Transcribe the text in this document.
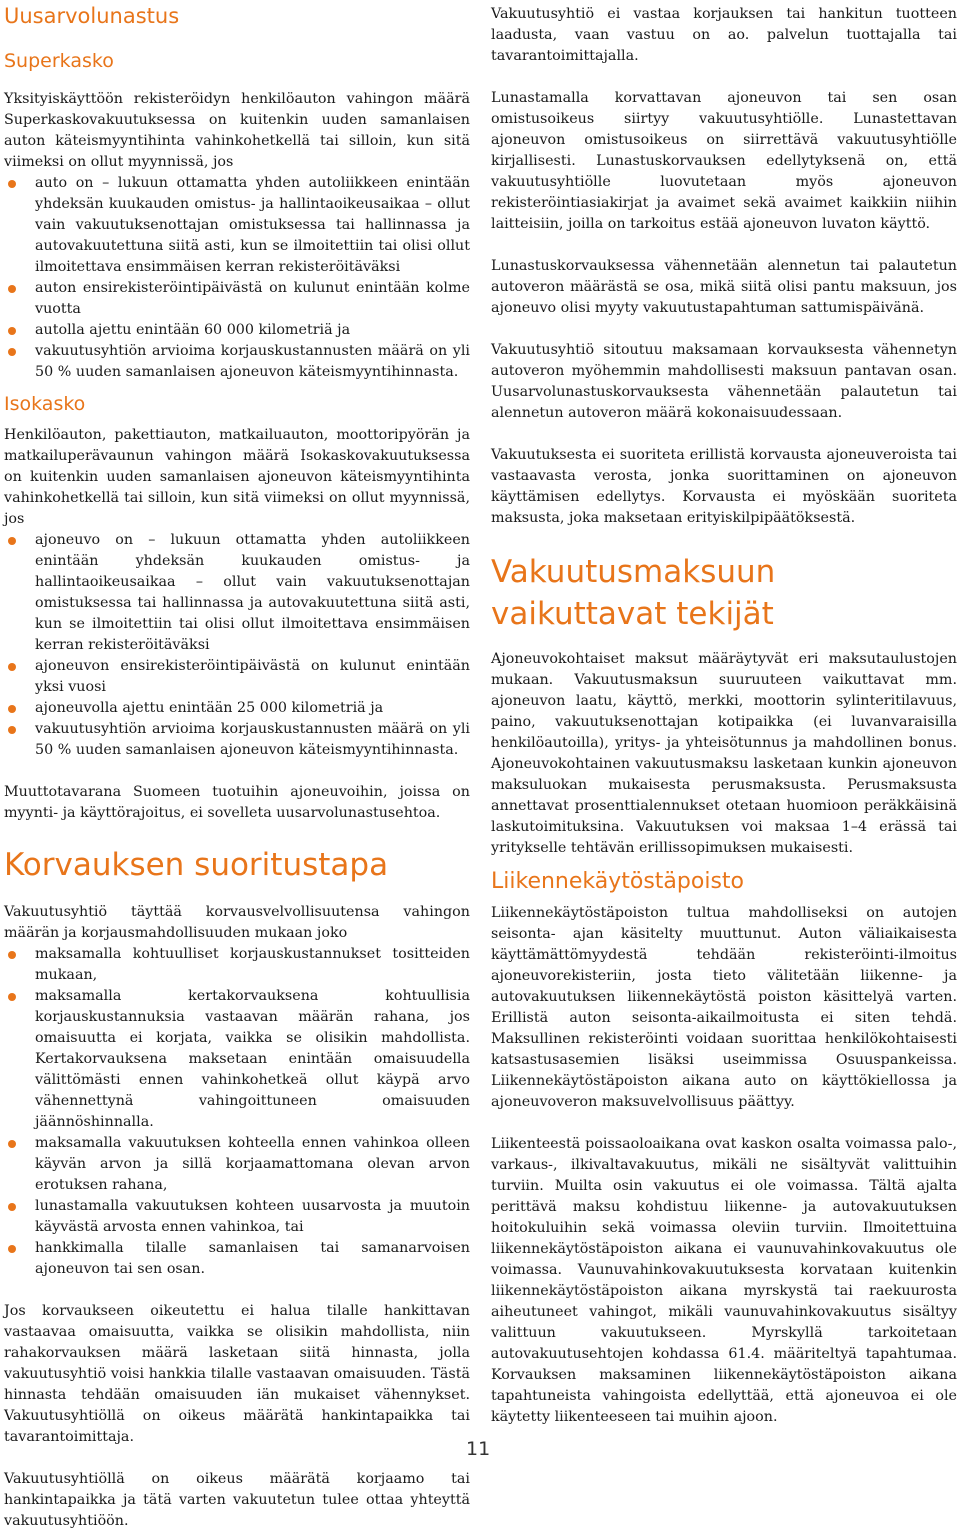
Uusarvolunastus
Superkasko

Yksityiskäyttöön rekisteröidyn henkilöauton vahingon määrä Superkaskovakuutuksessa on kuitenkin uuden samanlaisen auton käteismyyntihinta vahinkohetkellä tai silloin, kun sitä viimeksi on ollut myynnissä, jos

auto on – lukuun ottamatta yhden autoliikkeen enintään yhdeksän kuukauden omistus- ja hallintaoikeusaikaa – ollut vain vakuutuksenottajan omistuksessa tai hallinnassa ja autovakuutettuna siitä asti, kun se ilmoitettiin tai olisi ollut ilmoitettava ensimmäisen kerran rekisteröitäväksi
auton ensirekisteröintipäivästä on kulunut enintään kolme vuotta
autolla ajettu enintään 60 000 kilometriä ja
vakuutusyhtiön arvioima korjauskustannusten määrä on yli 50 % uuden samanlaisen ajoneuvon käteismyyntihinnasta.
Isokasko

Henkilöauton, pakettiauton, matkailuauton, moottoripyörän ja matkailuperävaunun vahingon määrä Isokaskovakuutuksessa on kuitenkin uuden samanlaisen ajoneuvon käteismyyntihinta vahinkohetkellä tai silloin, kun sitä viimeksi on ollut myynnissä, jos

ajoneuvo on – lukuun ottamatta yhden autoliikkeen enintään yhdeksän kuukauden omistus- ja hallintaoikeusaikaa – ollut vain vakuutuksenottajan omistuksessa tai hallinnassa ja autovakuutettuna siitä asti, kun se ilmoitettiin tai olisi ollut ilmoitettava ensimmäisen kerran rekisteröitäväksi
ajoneuvon ensirekisteröintipäivästä on kulunut enintään yksi vuosi
ajoneuvolla ajettu enintään 25 000 kilometriä ja
vakuutusyhtiön arvioima korjauskustannusten määrä on yli 50 % uuden samanlaisen ajoneuvon käteismyyntihinnasta.

Muuttotavarana Suomeen tuotuihin ajoneuvoihin, joissa on myynti- ja käyttörajoitus, ei sovelleta uusarvolunastusehtoa.

Korvauksen suoritustapa

Vakuutusyhtiö täyttää korvausvelvollisuutensa vahingon määrän ja korjausmahdollisuuden mukaan joko

maksamalla kohtuulliset korjauskustannukset tositteiden mukaan,
maksamalla kertakorvauksena kohtuullisia korjauskustannuksia vastaavan määrän rahana, jos omaisuutta ei korjata, vaikka se olisikin mahdollista. Kertakorvauksena maksetaan enintään omaisuudella välittömästi ennen vahinkohetkeä ollut käypä arvo vähennettynä vahingoittuneen omaisuuden jäännöshinnalla.
maksamalla vakuutuksen kohteella ennen vahinkoa olleen käyvän arvon ja sillä korjaamattomana olevan arvon erotuksen rahana,
lunastamalla vakuutuksen kohteen uusarvosta ja muutoin käyvästä arvosta ennen vahinkoa, tai
hankkimalla tilalle samanlaisen tai samanarvoisen ajoneuvon tai sen osan.

Jos korvaukseen oikeutettu ei halua tilalle hankittavan vastaavaa omaisuutta, vaikka se olisikin mahdollista, niin rahakorvauksen määrä lasketaan siitä hinnasta, jolla vakuutusyhtiö voisi hankkia tilalle vastaavan omaisuuden. Tästä hinnasta tehdään omaisuuden iän mukaiset vähennykset. Vakuutusyhtiöllä on oikeus määrätä hankintapaikka tai tavarantoimittaja.

Vakuutusyhtiöllä on oikeus määrätä korjaamo tai hankintapaikka ja tätä varten vakuutetun tulee ottaa yhteyttä vakuutusyhtiöön.

Vakuutusyhtiö ei vastaa korjauksen tai hankitun tuotteen laadusta, vaan vastuu on ao. palvelun tuottajalla tai tavarantoimittajalla.

Lunastamalla korvattavan ajoneuvon tai sen osan omistusoikeus siirtyy vakuutusyhtiölle. Lunastettavan ajoneuvon omistusoikeus on siirrettävä vakuutusyhtiölle kirjallisesti. Lunastuskorvauksen edellytyksenä on, että vakuutusyhtiölle luovutetaan myös ajoneuvon rekisteröintiasiakirjat ja avaimet sekä avaimet kaikkiin niihin laitteisiin, joilla on tarkoitus estää ajoneuvon luvaton käyttö.

Lunastuskorvauksessa vähennetään alennetun tai palautetun autoveron määrästä se osa, mikä siitä olisi pantu maksuun, jos ajoneuvo olisi myyty vakuutustapahtuman sattumispäivänä.

Vakuutusyhtiö sitoutuu maksamaan korvauksesta vähennetyn autoveron myöhemmin mahdollisesti maksuun pantavan osan. Uusarvolunastuskorvauksesta vähennetään palautetun tai alennetun autoveron määrä kokonaisuudessaan.

Vakuutuksesta ei suoriteta erillistä korvausta ajoneuveroista tai vastaavasta verosta, jonka suorittaminen on ajoneuvon käyttämisen edellytys. Korvausta ei myöskään suoriteta maksusta, joka maksetaan erityiskilpipäätöksestä.

Vakuutusmaksuun vaikuttavat tekijät

Ajoneuvokohtaiset maksut määräytyvät eri maksutaulustojen mukaan. Vakuutusmaksun suuruuteen vaikuttavat mm. ajoneuvon laatu, käyttö, merkki, moottorin sylinteritilavuus, paino, vakuutuksenottajan kotipaikka (ei luvanvaraisilla henkilöautoilla), yritys- ja yhteisötunnus ja mahdollinen bonus. Ajoneuvokohtainen vakuutusmaksu lasketaan kunkin ajoneuvon maksuluokan mukaisesta perusmaksusta. Perusmaksusta annettavat prosenttialennukset otetaan huomioon peräkkäisinä laskutoimituksina. Vakuutuksen voi maksaa 1–4 erässä tai yritykselle tehtävän erillissopimuksen mukaisesti.

Liikennekäytöstäpoisto

Liikennekäytöstäpoiston tultua mahdolliseksi on autojen seisonta- ajan käsitelty muuttunut. Auton väliaikaisesta käyttämättömyydestä tehdään rekisteröinti-ilmoitus ajoneuvorekisteriin, josta tieto välitetään liikenne- ja autovakuutuksen liikennekäytöstä poiston käsittelyä varten. Erillistä auton seisonta-aikailmoitusta ei siten tehdä. Maksullinen rekisteröinti voidaan suorittaa henkilökohtaisesti katsastusasemien lisäksi useimmissa Osuuspankeissa. Liikennekäytöstäpoiston aikana auto on käyttökiellossa ja ajoneuvoveron maksuvelvollisuus päättyy.

Liikenteestä poissaoloaikana ovat kaskon osalta voimassa palo-, varkaus-, ilkivaltavakuutus, mikäli ne sisältyvät valittuihin turviin. Muilta osin vakuutus ei ole voimassa. Tältä ajalta perittävä maksu kohdistuu liikenne- ja autovakuutuksen hoitokuluihin sekä voimassa oleviin turviin. Ilmoitettuina liikennekäytöstäpoiston aikana ei vaunuvahinkovakuutus ole voimassa. Vaunuvahinkovakuutuksesta korvataan kuitenkin liikennekäytöstäpoiston aikana myrskystä tai raekuurosta aiheutuneet vahingot, mikäli vaunuvahinkovakuutus sisältyy valittuun vakuutukseen. Myrskyllä tarkoitetaan autovakuutusehtojen kohdassa 61.4. määriteltyä tapahtumaa. Korvauksen maksaminen liikennekäytöstäpoiston aikana tapahtuneista vahingoista edellyttää, että ajoneuvoa ei ole käytetty liikenteeseen tai muihin ajoon.

11
